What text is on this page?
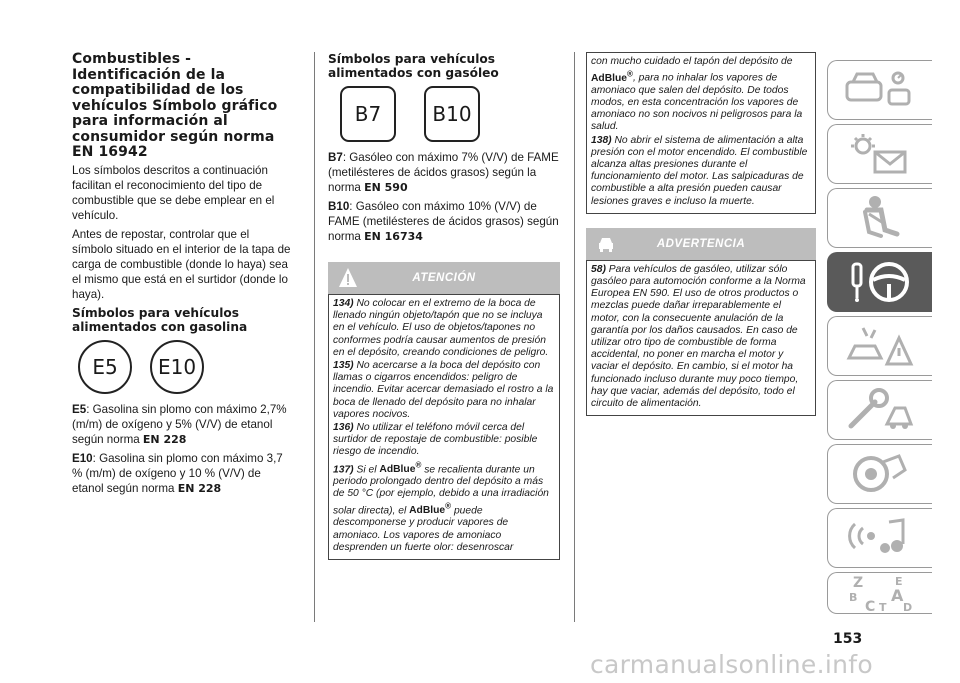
Combustibles - Identificación de la compatibilidad de los vehículos Símbolo gráfico para información al consumidor según norma EN 16942

Los símbolos descritos a continuación facilitan el reconocimiento del tipo de combustible que se debe emplear en el vehículo.

Antes de repostar, controlar que el símbolo situado en el interior de la tapa de carga de combustible (donde lo haya) sea el mismo que está en el surtidor (donde lo haya).

Símbolos para vehículos alimentados con gasolina
E5	E10

E5: Gasolina sin plomo con máximo 2,7% (m/m) de oxígeno y 5% (V/V) de etanol según norma EN 228

E10: Gasolina sin plomo con máximo 3,7 % (m/m) de oxígeno y 10 % (V/V) de etanol según norma EN 228

Símbolos para vehículos alimentados con gasóleo
B7	B10

B7: Gasóleo con máximo 7% (V/V) de FAME (metilésteres de ácidos grasos) según la norma EN 590

B10: Gasóleo con máximo 10% (V/V) de FAME (metilésteres de ácidos grasos) según norma EN 16734

ATENCIÓN

134) No colocar en el extremo de la boca de llenado ningún objeto/tapón que no se incluya en el vehículo. El uso de objetos/tapones no conformes podría causar aumentos de presión en el depósito, creando condiciones de peligro.

135) No acercarse a la boca del depósito con llamas o cigarros encendidos: peligro de incendio. Evitar acercar demasiado el rostro a la boca de llenado del depósito para no inhalar vapores nocivos.

136) No utilizar el teléfono móvil cerca del surtidor de repostaje de combustible: posible riesgo de incendio.

137) Si el AdBlue® se recalienta durante un periodo prolongado dentro del depósito a más de 50 °C (por ejemplo, debido a una irradiación solar directa), el AdBlue® puede descomponerse y producir vapores de amoniaco. Los vapores de amoniaco desprenden un fuerte olor: desenroscar

con mucho cuidado el tapón del depósito de AdBlue®, para no inhalar los vapores de amoniaco que salen del depósito. De todos modos, en esta concentración los vapores de amoniaco no son nocivos ni peligrosos para la salud.

138) No abrir el sistema de alimentación a alta presión con el motor encendido. El combustible alcanza altas presiones durante el funcionamiento del motor. Las salpicaduras de combustible a alta presión pueden causar lesiones graves e incluso la muerte.

ADVERTENCIA

58) Para vehículos de gasóleo, utilizar sólo gasóleo para automoción conforme a la Norma Europea EN 590. El uso de otros productos o mezclas puede dañar irreparablemente el motor, con la consecuente anulación de la garantía por los daños causados. En caso de utilizar otro tipo de combustible de forma accidental, no poner en marcha el motor y vaciar el depósito. En cambio, si el motor ha funcionado incluso durante muy poco tiempo, hay que vaciar, además del depósito, todo el circuito de alimentación.

Z	E
B A
C T D
153
carmanualsonline.info
